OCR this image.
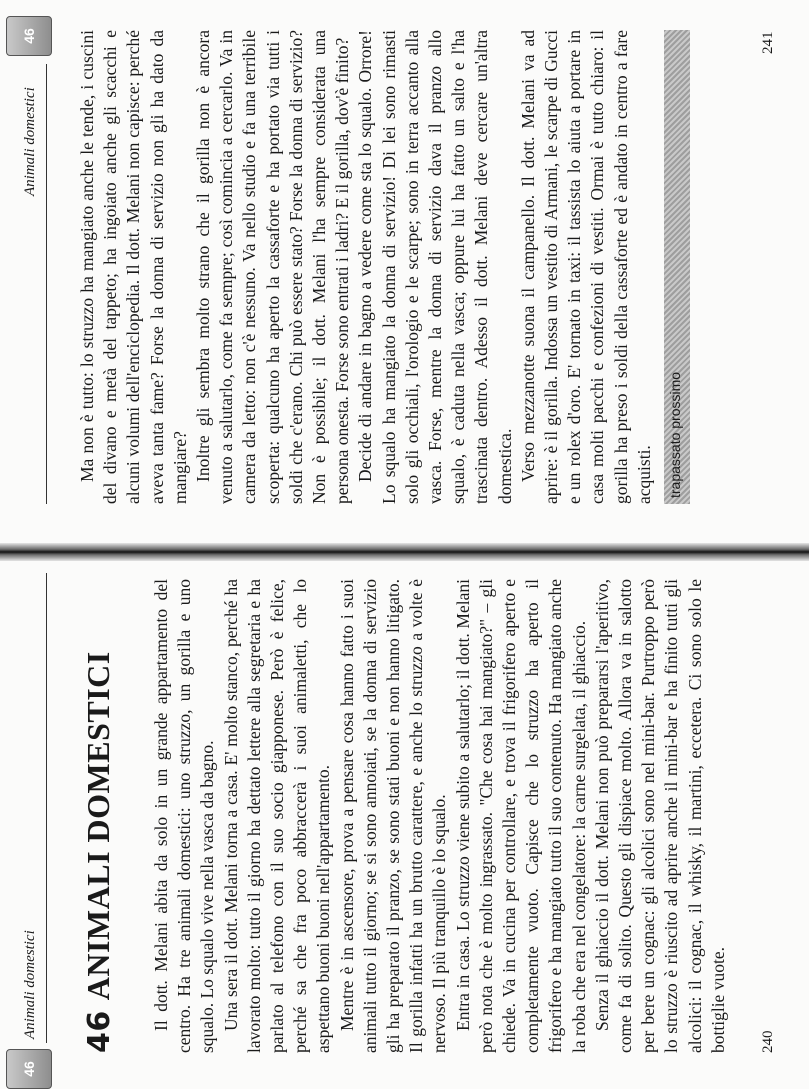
46
Animali domestici 46ANIMALI DOMESTICI Il dott. Melani abita da solo in un grande appartamento del centro. Ha tre animali domestici: uno struzzo, un gorilla e uno squalo. Lo squalo vive nella vasca da bagno. Una sera il dott. Melani torna a casa. E' molto stanco, perché ha lavorato molto: tutto il giorno ha dettato lettere alla segretaria e ha parlato al telefono con il suo socio giapponese. Però è felice, perché sa che fra poco abbraccerà i suoi animaletti, che lo aspettano buoni buoni nell'appartamento. Mentre è in ascensore, prova a pensare cosa hanno fatto i suoi animali tutto il giorno; se si sono annoiati, se la donna di servizio gli ha preparato il pranzo, se sono stati buoni e non hanno litigato. Il gorilla infatti ha un brutto carattere, e anche lo struzzo a volte è nervoso. Il più tranquillo è lo squalo. Entra in casa. Lo struzzo viene subito a salutarlo; il dott. Melani però nota che è molto ingrassato. "Che cosa hai mangiato?" – gli chiede. Va in cucina per controllare, e trova il frigorifero aperto e completamente vuoto. Capisce che lo struzzo ha aperto il frigorifero e ha mangiato tutto il suo contenuto. Ha mangiato anche la roba che era nel congelatore: la carne surgelata, il ghiaccio. Senza il ghiaccio il dott. Melani non può prepararsi l'aperitivo, come fa di solito. Questo gli dispiace molto. Allora va in salotto per bere un cognac: gli alcolici sono nel mini-bar. Purtroppo però lo struzzo è riuscito ad aprire anche il mini-bar e ha finito tutti gli alcolici: il cognac, il whisky, il martini, eccetera. Ci sono solo le bottiglie vuote. 240
Animali domestici
46 Ma non è tutto: lo struzzo ha mangiato anche le tende, i cuscini del divano e metà del tappeto; ha ingoiato anche gli scacchi e alcuni volumi dell'enciclopedia. Il dott. Melani non capisce: perché aveva tanta fame? Forse la donna di servizio non gli ha dato da mangiare? Inoltre gli sembra molto strano che il gorilla non è ancora venuto a salutarlo, come fa sempre; così comincia a cercarlo. Va in camera da letto: non c'è nessuno. Va nello studio e fa una terribile scoperta: qualcuno ha aperto la cassaforte e ha portato via tutti i soldi che c'erano. Chi può essere stato? Forse la donna di servizio? Non è possibile; il dott. Melani l'ha sempre considerata una persona onesta. Forse sono entrati i ladri? E il gorilla, dov'è finito? Decide di andare in bagno a vedere come sta lo squalo. Orrore! Lo squalo ha mangiato la donna di servizio! Di lei sono rimasti solo gli occhiali, l'orologio e le scarpe; sono in terra accanto alla vasca. Forse, mentre la donna di servizio dava il pranzo allo squalo, è caduta nella vasca; oppure lui ha fatto un salto e l'ha trascinata dentro. Adesso il dott. Melani deve cercare un'altra domestica. Verso mezzanotte suona il campanello. Il dott. Melani va ad aprire: è il gorilla. Indossa un vestito di Armani, le scarpe di Gucci e un rolex d'oro. E' tornato in taxi: il tassista lo aiuta a portare in casa molti pacchi e confezioni di vestiti. Ormai è tutto chiaro: il gorilla ha preso i soldi della cassaforte ed è andato in centro a fare acquisti. trapassato prossimo
241
